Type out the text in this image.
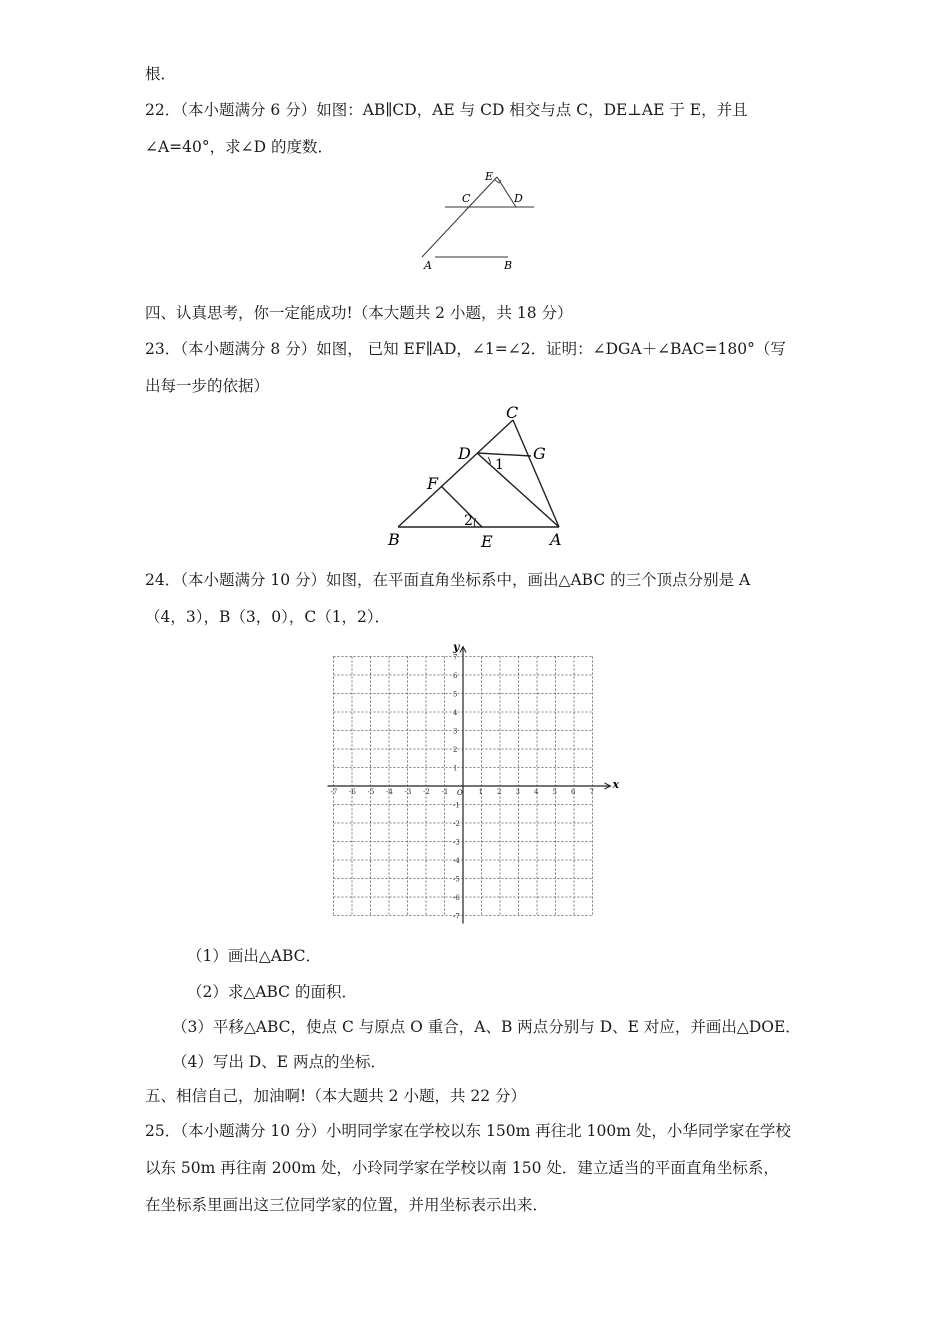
根．
22．（本小题满分 6 分）如图：AB∥CD，AE 与 CD 相交与点 C，DE⊥AE 于 E，并且
∠A=40°，求∠D 的度数．
E
C	D
A	B
四、认真思考，你一定能成功!（本大题共 2 小题，共 18 分）
23．（本小题满分 8 分）如图， 已知 EF∥AD，∠1=∠2．证明：∠DGA＋∠BAC=180°（写
出每一步的依据）
C
D	G
1
F
2
B	E	A
24．（本小题满分 10 分）如图，在平面直角坐标系中，画出△ABC 的三个顶点分别是 A
（4，3），B（3，0），C（1，2）．
x
y
O
-7 -6 -5 -4 -3 -2 -1	1 2 3 4 5 6 7
7
6
5
4
3
2
1
-1
-2
-3
-4
-5
-6
-7
（1）画出△ABC．
（2）求△ABC 的面积．
（3）平移△ABC，使点 C 与原点 O 重合，A、B 两点分别与 D、E 对应，并画出△DOE．
（4）写出 D、E 两点的坐标．
五、相信自己，加油啊!（本大题共 2 小题，共 22 分）
25．（本小题满分 10 分）小明同学家在学校以东 150m 再往北 100m 处，小华同学家在学校
以东 50m 再往南 200m 处，小玲同学家在学校以南 150 处．建立适当的平面直角坐标系，
在坐标系里画出这三位同学家的位置，并用坐标表示出来．
